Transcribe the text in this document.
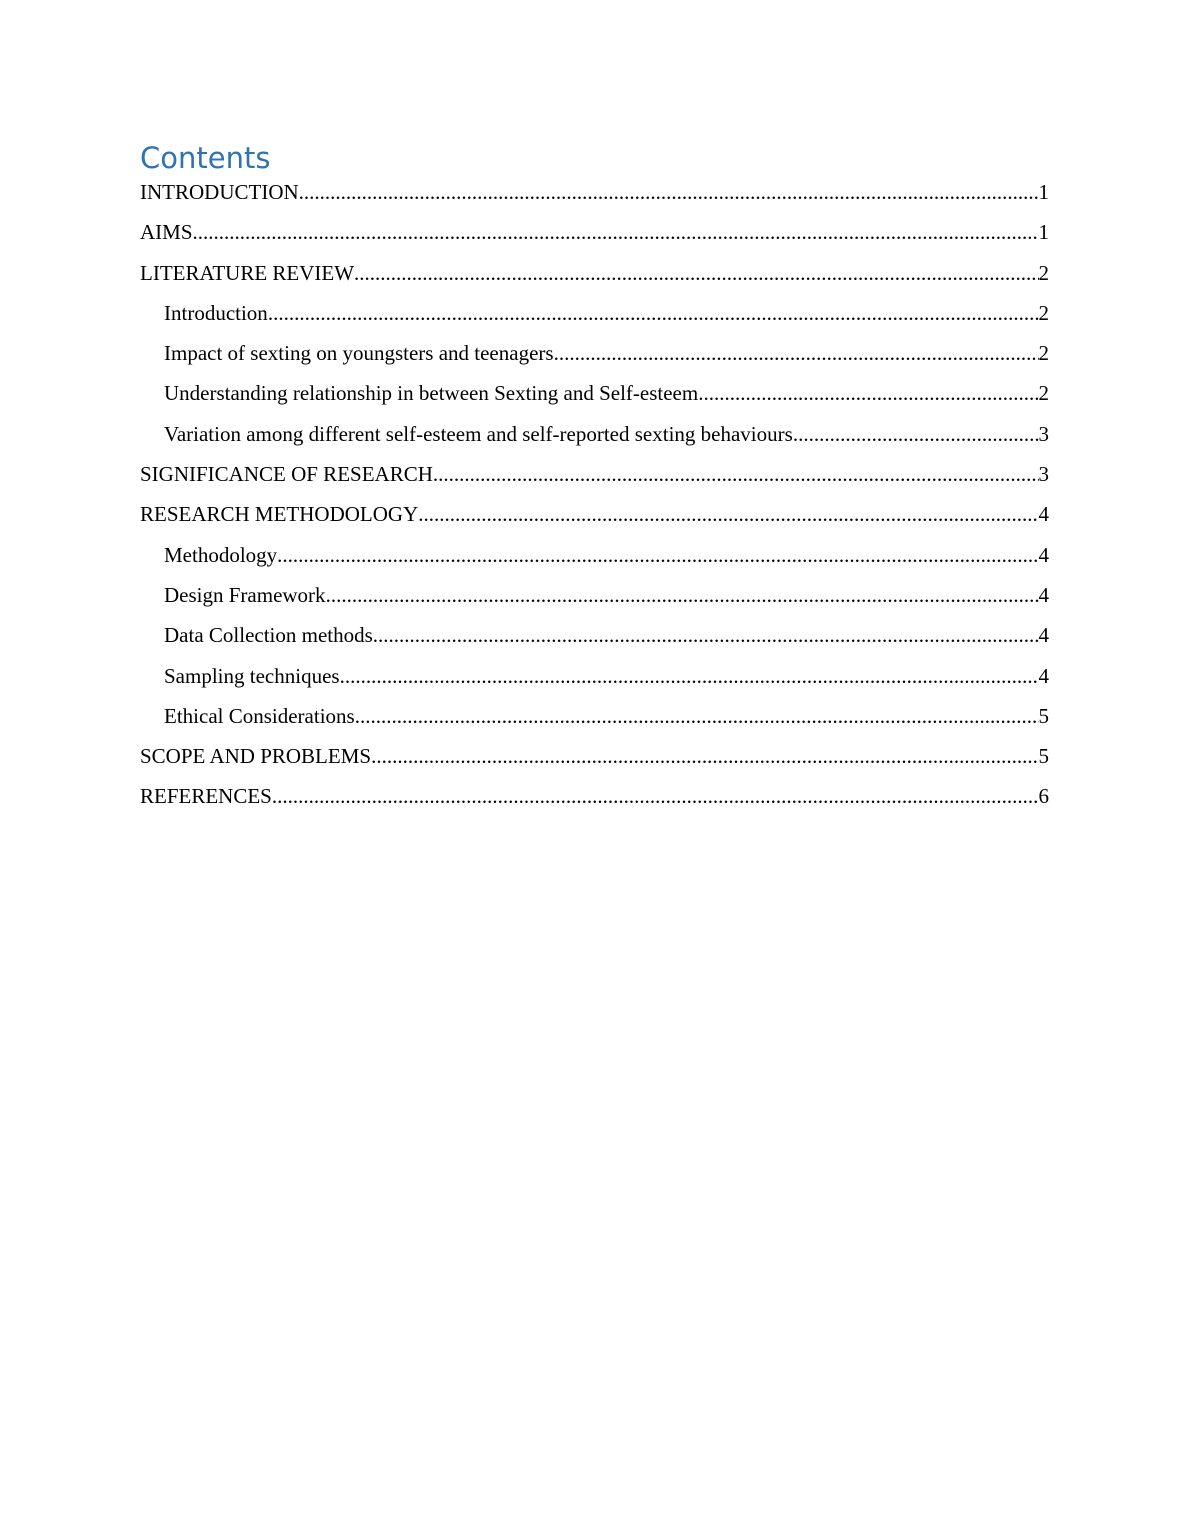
Contents
INTRODUCTION .....	1
AIMS .....	1
LITERATURE REVIEW .....	2
Introduction .....	2
Impact of sexting on youngsters and teenagers .....	2
Understanding relationship in between Sexting and Self-esteem .....	2
Variation among different self-esteem and self-reported sexting behaviours .....	3
SIGNIFICANCE OF RESEARCH .....	3
RESEARCH METHODOLOGY .....	4
Methodology .....	4
Design Framework .....	4
Data Collection methods .....	4
Sampling techniques .....	4
Ethical Considerations .....	5
SCOPE AND PROBLEMS .....	5
REFERENCES .....	6
